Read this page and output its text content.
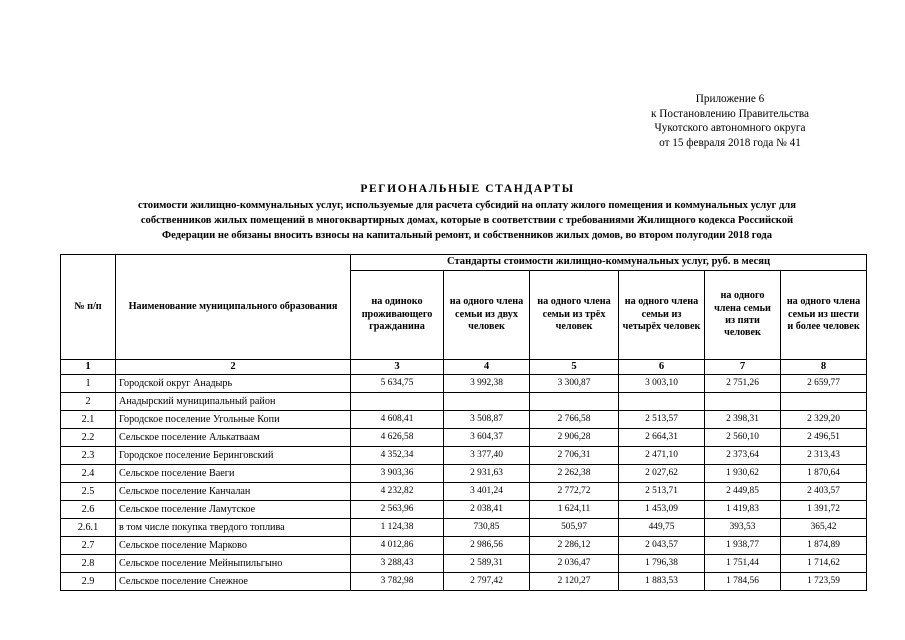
Приложение 6
к Постановлению Правительства
Чукотского автономного округа
от 15 февраля 2018 года № 41
РЕГИОНАЛЬНЫЕ СТАНДАРТЫ
стоимости жилищно-коммунальных услуг, используемые для расчета субсидий на оплату жилого помещения и коммунальных услуг для
собственников жилых помещений в многоквартирных домах, которые в соответствии с требованиями Жилищного кодекса Российской
Федерации не обязаны вносить взносы на капитальный ремонт, и собственников жилых домов, во втором полугодии 2018 года
№ п/п	Наименование муниципального образования	Стандарты стоимости жилищно-коммунальных услуг, руб. в месяц					
		на одиноко проживающего гражданина	на одного члена семьи из двух человек	на одного члена семьи из трёх человек	на одного члена семьи из четырёх человек	на одного члена семьи из пяти человек	на одного члена семьи из шести и более человек
1	2	3	4	5	6	7	8
1	Городской округ Анадырь	5 634,75	3 992,38	3 300,87	3 003,10	2 751,26	2 659,77
2	Анадырский муниципальный район						
2.1	Городское поселение Угольные Копи	4 608,41	3 508,87	2 766,58	2 513,57	2 398,31	2 329,20
2.2	Сельское поселение Алькатваам	4 626,58	3 604,37	2 906,28	2 664,31	2 560,10	2 496,51
2.3	Городское поселение Беринговский	4 352,34	3 377,40	2 706,31	2 471,10	2 373,64	2 313,43
2.4	Сельское поселение Ваеги	3 903,36	2 931,63	2 262,38	2 027,62	1 930,62	1 870,64
2.5	Сельское поселение Канчалан	4 232,82	3 401,24	2 772,72	2 513,71	2 449,85	2 403,57
2.6	Сельское поселение Ламутское	2 563,96	2 038,41	1 624,11	1 453,09	1 419,83	1 391,72
2.6.1	в том числе покупка твердого топлива	1 124,38	730,85	505,97	449,75	393,53	365,42
2.7	Сельское поселение Марково	4 012,86	2 986,56	2 286,12	2 043,57	1 938,77	1 874,89
2.8	Сельское поселение Мейныпильгыно	3 288,43	2 589,31	2 036,47	1 796,38	1 751,44	1 714,62
2.9	Сельское поселение Снежное	3 782,98	2 797,42	2 120,27	1 883,53	1 784,56	1 723,59
